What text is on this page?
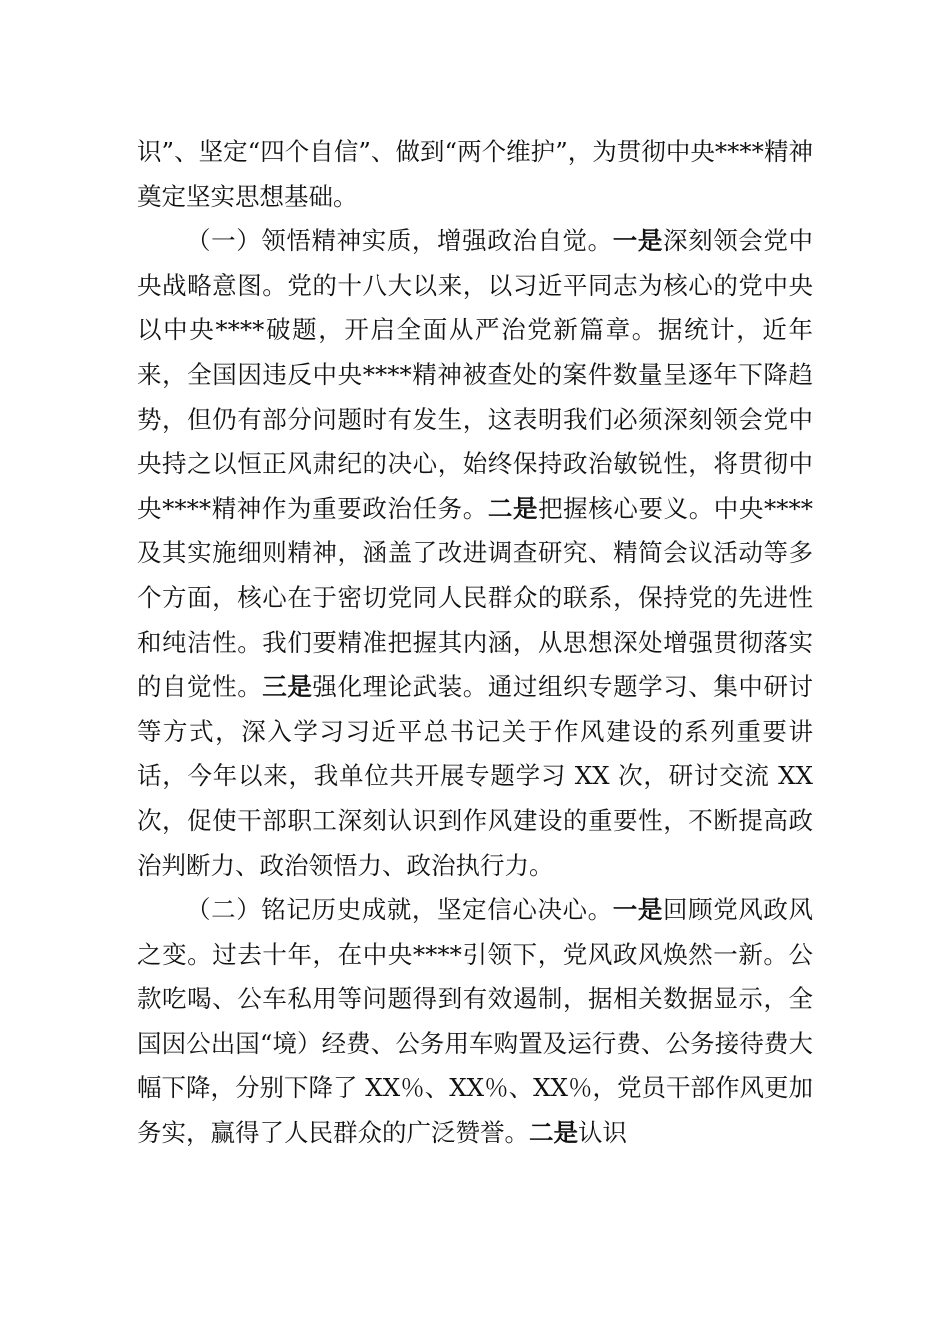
识”、坚定“四个自信”、做到“两个维护”，为贯彻中央****精神奠定坚实思想基础。

（一）领悟精神实质，增强政治自觉。一是深刻领会党中央战略意图。党的十八大以来，以习近平同志为核心的党中央以中央****破题，开启全面从严治党新篇章。据统计，近年来，全国因违反中央****精神被查处的案件数量呈逐年下降趋势，但仍有部分问题时有发生，这表明我们必须深刻领会党中央持之以恒正风肃纪的决心，始终保持政治敏锐性，将贯彻中央****精神作为重要政治任务。二是把握核心要义。中央****及其实施细则精神，涵盖了改进调查研究、精简会议活动等多个方面，核心在于密切党同人民群众的联系，保持党的先进性和纯洁性。我们要精准把握其内涵，从思想深处增强贯彻落实的自觉性。三是强化理论武装。通过组织专题学习、集中研讨等方式，深入学习习近平总书记关于作风建设的系列重要讲话，今年以来，我单位共开展专题学习 XX 次，研讨交流 XX 次，促使干部职工深刻认识到作风建设的重要性，不断提高政治判断力、政治领悟力、政治执行力。

（二）铭记历史成就，坚定信心决心。一是回顾党风政风之变。过去十年，在中央****引领下，党风政风焕然一新。公款吃喝、公车私用等问题得到有效遏制，据相关数据显示，全国因公出国“境）经费、公务用车购置及运行费、公务接待费大幅下降，分别下降了 XX％、XX％、XX％，党员干部作风更加务实，赢得了人民群众的广泛赞誉。二是认识
